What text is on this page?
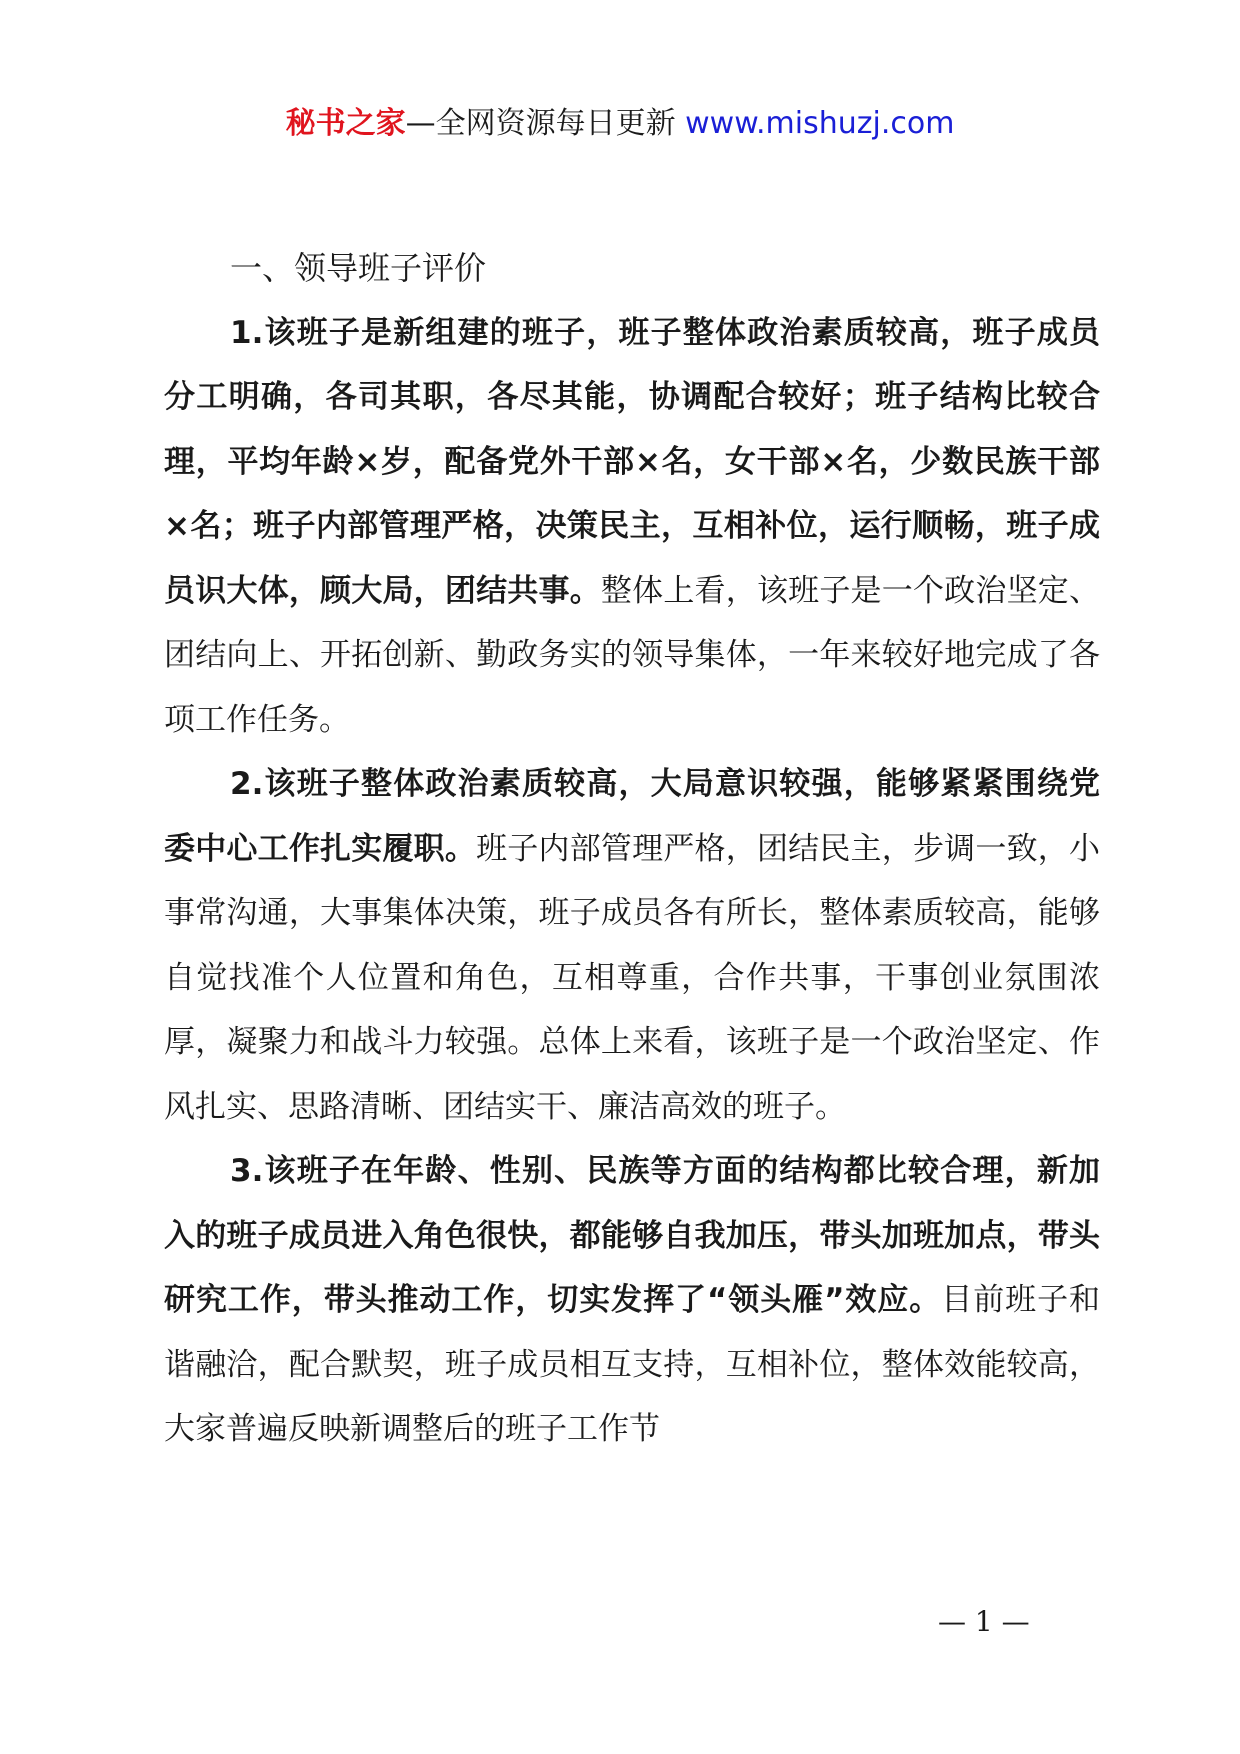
秘书之家—全网资源每日更新 www.mishuzj.com
一、领导班子评价

1.该班子是新组建的班子，班子整体政治素质较高，班子成员分工明确，各司其职，各尽其能，协调配合较好；班子结构比较合理，平均年龄×岁，配备党外干部×名，女干部×名，少数民族干部×名；班子内部管理严格，决策民主，互相补位，运行顺畅，班子成员识大体，顾大局，团结共事。整体上看，该班子是一个政治坚定、团结向上、开拓创新、勤政务实的领导集体，一年来较好地完成了各项工作任务。

2.该班子整体政治素质较高，大局意识较强，能够紧紧围绕党委中心工作扎实履职。班子内部管理严格，团结民主，步调一致，小事常沟通，大事集体决策，班子成员各有所长，整体素质较高，能够自觉找准个人位置和角色，互相尊重，合作共事，干事创业氛围浓厚，凝聚力和战斗力较强。总体上来看，该班子是一个政治坚定、作风扎实、思路清晰、团结实干、廉洁高效的班子。

3.该班子在年龄、性别、民族等方面的结构都比较合理，新加入的班子成员进入角色很快，都能够自我加压，带头加班加点，带头研究工作，带头推动工作，切实发挥了“领头雁”效应。目前班子和谐融洽，配合默契，班子成员相互支持，互相补位，整体效能较高，大家普遍反映新调整后的班子工作节

— 1 —
